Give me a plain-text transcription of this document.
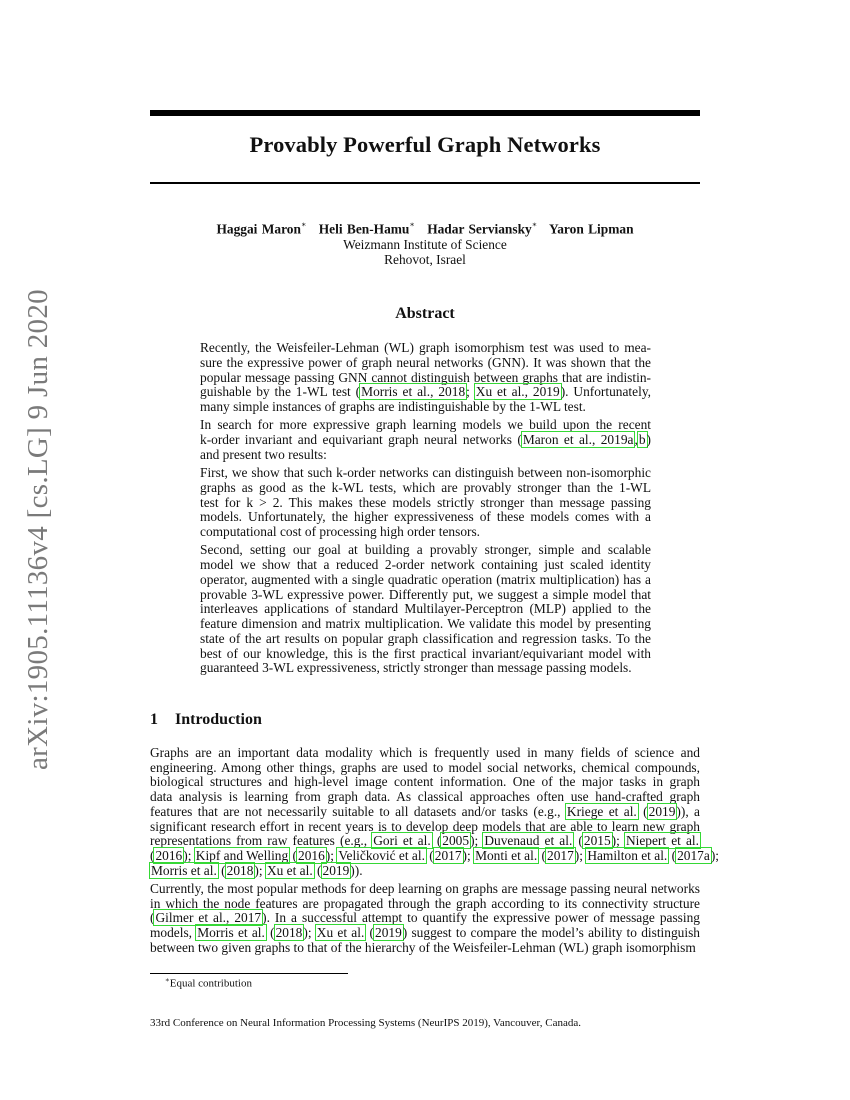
Provably Powerful Graph Networks
Haggai Maron∗ Heli Ben-Hamu∗ Hadar Serviansky∗ Yaron Lipman
Weizmann Institute of Science
Rehovot, Israel
arXiv:1905.11136v4 [cs.LG] 9 Jun 2020	Abstract

Recently, the Weisfeiler-Lehman (WL) graph isomorphism test was used to mea-
sure the expressive power of graph neural networks (GNN). It was shown that the
popular message passing GNN cannot distinguish between graphs that are indistin-
guishable by the 1-WL test (Morris et al., 2018; Xu et al., 2019). Unfortunately,
many simple instances of graphs are indistinguishable by the 1-WL test.

In search for more expressive graph learning models we build upon the recent
k-order invariant and equivariant graph neural networks (Maron et al., 2019a,b)
and present two results:

First, we show that such k-order networks can distinguish between non-isomorphic
graphs as good as the k-WL tests, which are provably stronger than the 1-WL
test for k > 2. This makes these models strictly stronger than message passing
models. Unfortunately, the higher expressiveness of these models comes with a
computational cost of processing high order tensors.

Second, setting our goal at building a provably stronger, simple and scalable
model we show that a reduced 2-order network containing just scaled identity
operator, augmented with a single quadratic operation (matrix multiplication) has a
provable 3-WL expressive power. Differently put, we suggest a simple model that
interleaves applications of standard Multilayer-Perceptron (MLP) applied to the
feature dimension and matrix multiplication. We validate this model by presenting
state of the art results on popular graph classification and regression tasks. To the
best of our knowledge, this is the first practical invariant/equivariant model with
guaranteed 3-WL expressiveness, strictly stronger than message passing models.

1 Introduction

Graphs are an important data modality which is frequently used in many fields of science and
engineering. Among other things, graphs are used to model social networks, chemical compounds,
biological structures and high-level image content information. One of the major tasks in graph
data analysis is learning from graph data. As classical approaches often use hand-crafted graph
features that are not necessarily suitable to all datasets and/or tasks (e.g., Kriege et al. (2019)), a
significant research effort in recent years is to develop deep models that are able to learn new graph
representations from raw features (e.g., Gori et al. (2005); Duvenaud et al. (2015); Niepert et al.
(2016); Kipf and Welling (2016); Veličković et al. (2017); Monti et al. (2017); Hamilton et al. (2017a);
Morris et al. (2018); Xu et al. (2019)).

Currently, the most popular methods for deep learning on graphs are message passing neural networks
in which the node features are propagated through the graph according to its connectivity structure
(Gilmer et al., 2017). In a successful attempt to quantify the expressive power of message passing
models, Morris et al. (2018); Xu et al. (2019) suggest to compare the model’s ability to distinguish
between two given graphs to that of the hierarchy of the Weisfeiler-Lehman (WL) graph isomorphism

∗Equal contribution
33rd Conference on Neural Information Processing Systems (NeurIPS 2019), Vancouver, Canada.
